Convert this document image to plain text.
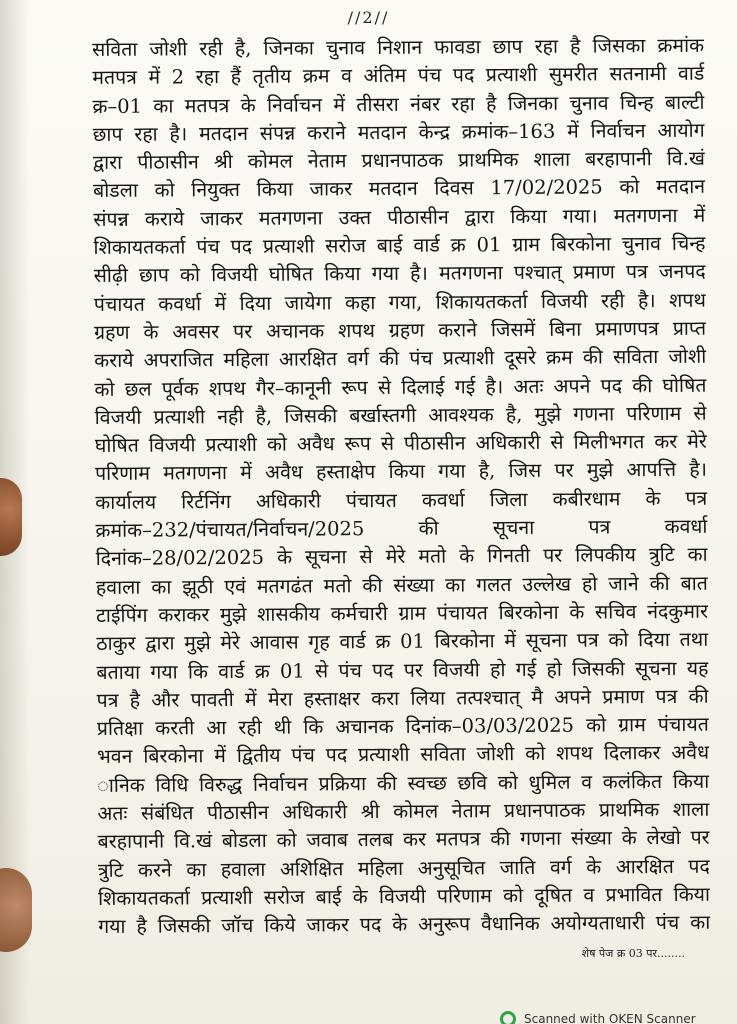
//2//
सविता जोशी रही है, जिनका चुनाव निशान फावडा छाप रहा है जिसका क्रमांक
मतपत्र में 2 रहा हैं तृतीय क्रम व अंतिम पंच पद प्रत्याशी सुमरीत सतनामी वार्ड
क्र–01 का मतपत्र के निर्वाचन में तीसरा नंबर रहा है जिनका चुनाव चिन्ह बाल्टी
छाप रहा है। मतदान संपन्न कराने मतदान केन्द्र क्रमांक–163 में निर्वाचन आयोग
द्वारा पीठासीन श्री कोमल नेताम प्रधानपाठक प्राथमिक शाला बरहापानी वि.खं
बोडला को नियुक्त किया जाकर मतदान दिवस 17/02/2025 को मतदान
संपन्न कराये जाकर मतगणना उक्त पीठासीन द्वारा किया गया। मतगणना में
शिकायतकर्ता पंच पद प्रत्याशी सरोज बाई वार्ड क्र 01 ग्राम बिरकोना चुनाव चिन्ह
सीढ़ी छाप को विजयी घोषित किया गया है। मतगणना पश्चात् प्रमाण पत्र जनपद
पंचायत कवर्धा में दिया जायेगा कहा गया, शिकायतकर्ता विजयी रही है। शपथ
ग्रहण के अवसर पर अचानक शपथ ग्रहण कराने जिसमें बिना प्रमाणपत्र प्राप्त
कराये अपराजित महिला आरक्षित वर्ग की पंच प्रत्याशी दूसरे क्रम की सविता जोशी
को छल पूर्वक शपथ गैर–कानूनी रूप से दिलाई गई है। अतः अपने पद की घोषित
विजयी प्रत्याशी नही है, जिसकी बर्खास्तगी आवश्यक है, मुझे गणना परिणाम से
घोषित विजयी प्रत्याशी को अवैध रूप से पीठासीन अधिकारी से मिलीभगत कर मेरे
परिणाम मतगणना में अवैध हस्ताक्षेप किया गया है, जिस पर मुझे आपत्ति है।
कार्यालय रिर्टनिंग अधिकारी पंचायत कवर्धा जिला कबीरधाम के पत्र
क्रमांक–232/पंचायत/निर्वाचन/2025 की सूचना पत्र कवर्धा
दिनांक–28/02/2025 के सूचना से मेरे मतो के गिनती पर लिपकीय त्रुटि का
हवाला का झूठी एवं मतगढंत मतो की संख्या का गलत उल्लेख हो जाने की बात
टाईपिंग कराकर मुझे शासकीय कर्मचारी ग्राम पंचायत बिरकोना के सचिव नंदकुमार
ठाकुर द्वारा मुझे मेरे आवास गृह वार्ड क्र 01 बिरकोना में सूचना पत्र को दिया तथा
बताया गया कि वार्ड क्र 01 से पंच पद पर विजयी हो गई हो जिसकी सूचना यह
पत्र है और पावती में मेरा हस्ताक्षर करा लिया तत्पश्चात् मै अपने प्रमाण पत्र की
प्रतिक्षा करती आ रही थी कि अचानक दिनांक–03/03/2025 को ग्राम पंचायत
भवन बिरकोना में द्वितीय पंच पद प्रत्याशी सविता जोशी को शपथ दिलाकर अवैध
ानिक विधि विरुद्ध निर्वाचन प्रक्रिया की स्वच्छ छवि को धुमिल व कलंकित किया
अतः संबंधित पीठासीन अधिकारी श्री कोमल नेताम प्रधानपाठक प्राथमिक शाला
बरहापानी वि.खं बोडला को जवाब तलब कर मतपत्र की गणना संख्या के लेखो पर
त्रुटि करने का हवाला अशिक्षित महिला अनुसूचित जाति वर्ग के आरक्षित पद
शिकायतकर्ता प्रत्याशी सरोज बाई के विजयी परिणाम को दूषित व प्रभावित किया
गया है जिसकी जॉच किये जाकर पद के अनुरूप वैधानिक अयोग्यताधारी पंच का
शेष पेज क्र 03 पर........
Scanned with OKEN Scanner
